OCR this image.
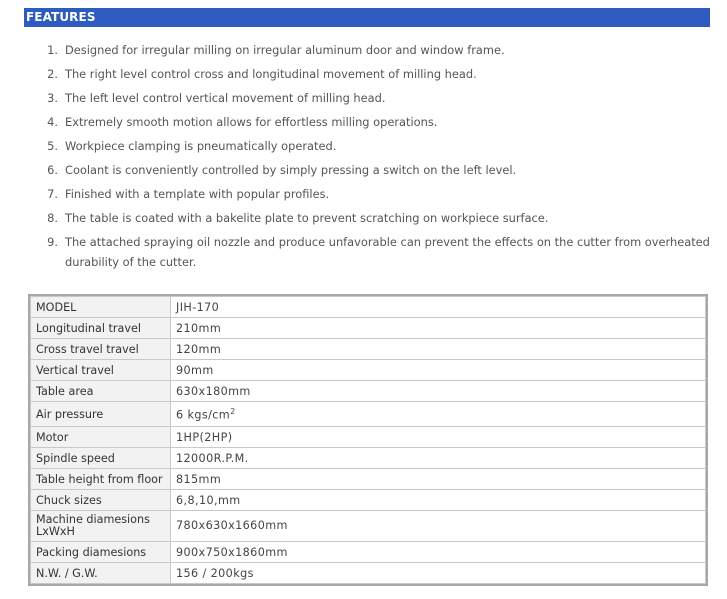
FEATURES
1. Designed for irregular milling on irregular aluminum door and window frame.
2. The right level control cross and longitudinal movement of milling head.
3. The left level control vertical movement of milling head.
4. Extremely smooth motion allows for effortless milling operations.
5. Workpiece clamping is pneumatically operated.
6. Coolant is conveniently controlled by simply pressing a switch on the left level.
7. Finished with a template with popular profiles.
8. The table is coated with a bakelite plate to prevent scratching on workpiece surface.
9. The attached spraying oil nozzle and produce unfavorable can prevent the effects on the cutter from overheated durability of the cutter.
MODEL	JIH-170
Longitudinal travel	210mm
Cross travel travel	120mm
Vertical travel	90mm
Table area	630x180mm
Air pressure	6 kgs/$cm^2$
Motor	1HP(2HP)
Spindle speed	12000R.P.M.
Table height from floor	815mm
Chuck sizes	6,8,10,mm
Machine diamesions LxWxH	780x630x1660mm
Packing diamesions	900x750x1860mm
N.W. / G.W.	156 / 200kgs
